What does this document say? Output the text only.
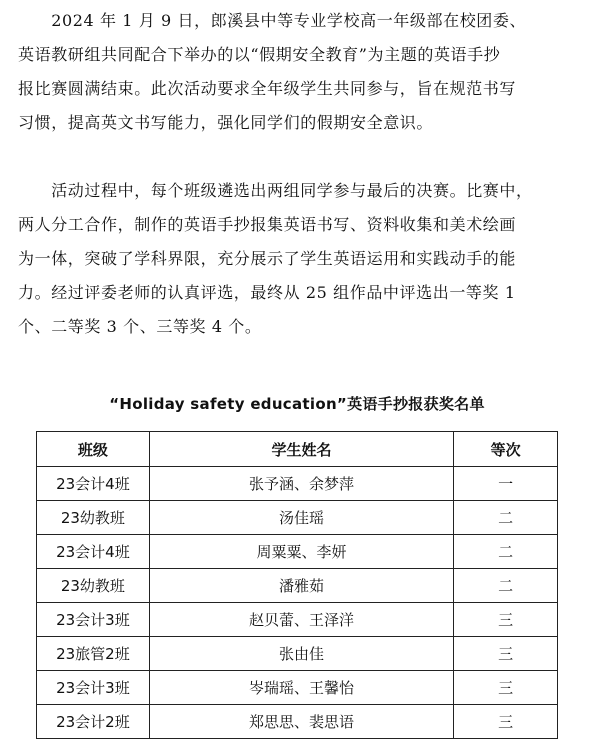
　　2024 年 1 月 9 日，郎溪县中等专业学校高一年级部在校团委、
英语教研组共同配合下举办的以“假期安全教育”为主题的英语手抄
报比赛圆满结束。此次活动要求全年级学生共同参与，旨在规范书写
习惯，提高英文书写能力，强化同学们的假期安全意识。

　　活动过程中，每个班级遴选出两组同学参与最后的决赛。比赛中，
两人分工合作，制作的英语手抄报集英语书写、资料收集和美术绘画
为一体，突破了学科界限，充分展示了学生英语运用和实践动手的能
力。经过评委老师的认真评选，最终从 25 组作品中评选出一等奖 1
个、二等奖 3 个、三等奖 4 个。

“Holiday safety education”英语手抄报获奖名单
班级	学生姓名	等次
23会计4班	张予涵、余梦萍	一
23幼教班	汤佳瑶	二
23会计4班	周粟粟、李妍	二
23幼教班	潘雅茹	二
23会计3班	赵贝蕾、王泽洋	三
23旅管2班	张由佳	三
23会计3班	岑瑞瑶、王馨怡	三
23会计2班	郑思思、裴思语	三
